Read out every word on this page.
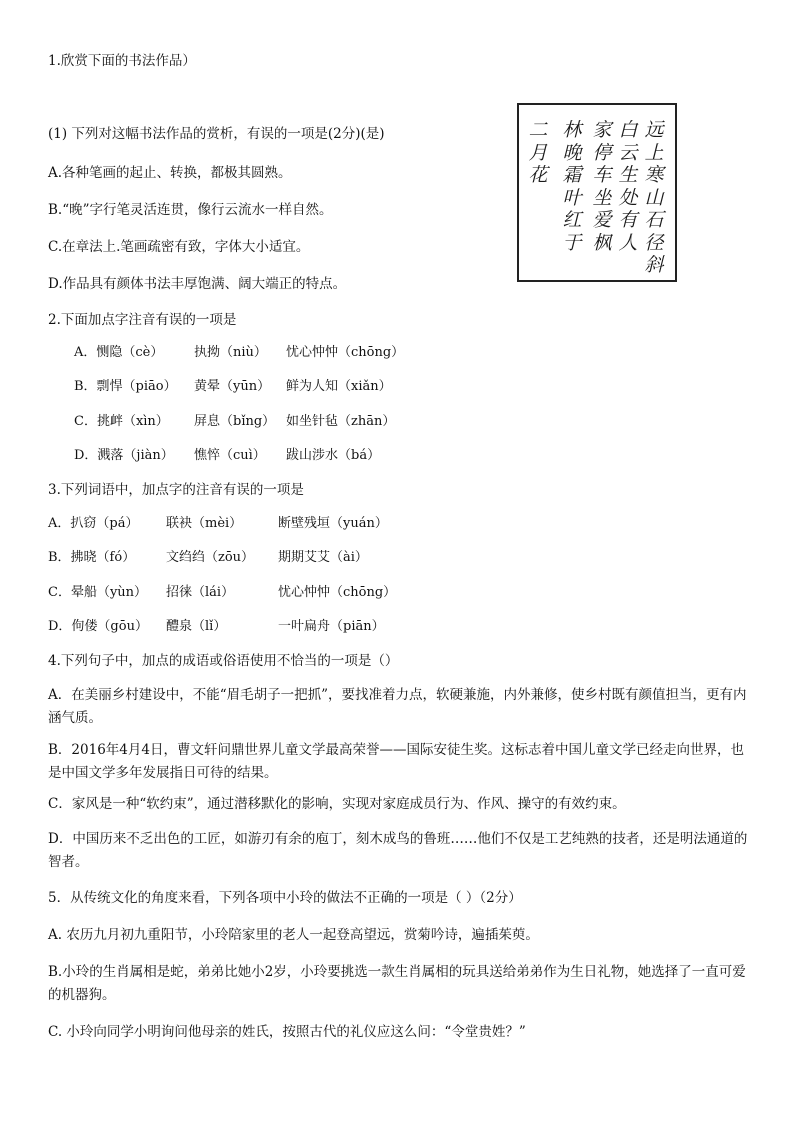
1.欣赏下面的书法作品）
(1) 下列对这幅书法作品的赏析，有误的一项是(2分)(是)
A.各种笔画的起止、转换，都极其圆熟。
B.“晚”字行笔灵活连贯，像行云流水一样自然。
C.在章法上.笔画疏密有致，字体大小适宜。
D.作品具有颜体书法丰厚饱满、阔大端正的特点。
远
上
寒
山
石
径
斜
白
云
生
处
有
人
家
停
车
坐
爱
枫
林
晚
霜
叶
红
于
二
月
花
2.下面加点字注音有误的一项是
A．恻隐（cè） 执拗（niù） 忧心忡忡（chōng）
B．剽悍（piāo） 黄晕（yūn） 鲜为人知（xiǎn）
C．挑衅（xìn） 屏息（bǐng） 如坐针毡（zhān）
D．溅落（jiàn） 憔悴（cuì） 跋山涉水（bá）
3.下列词语中，加点字的注音有误的一项是
A．扒窃（pá） 联袂（mèi）	断壁残垣（yuán）
B．拂晓（fó） 文绉绉（zōu） 期期艾艾（ài）
C．晕船（yùn） 招徕（lái）	忧心忡忡（chōng）
D．佝偻（gōu） 醴泉（lǐ）	一叶扁舟（piān）
4.下列句子中，加点的成语或俗语使用不恰当的一项是（）
A．在美丽乡村建设中，不能“眉毛胡子一把抓”，要找准着力点，软硬兼施，内外兼修，使乡村既有颜值担当，更有内涵气质。
B．2016年4月4日，曹文轩问鼎世界儿童文学最高荣誉——国际安徒生奖。这标志着中国儿童文学已经走向世界，也是中国文学多年发展指日可待的结果。
C．家风是一种“软约束”，通过潜移默化的影响，实现对家庭成员行为、作风、操守的有效约束。
D．中国历来不乏出色的工匠，如游刃有余的庖丁，刻木成鸟的鲁班……他们不仅是工艺纯熟的技者，还是明法通道的智者。
5．从传统文化的角度来看，下列各项中小玲的做法不正确的一项是（ ）（2分）
A. 农历九月初九重阳节，小玲陪家里的老人一起登高望远，赏菊吟诗，遍插茱萸。
B.小玲的生肖属相是蛇，弟弟比她小2岁，小玲要挑选一款生肖属相的玩具送给弟弟作为生日礼物，她选择了一直可爱的机器狗。
C. 小玲向同学小明询问他母亲的姓氏，按照古代的礼仪应这么问：“令堂贵姓？”
